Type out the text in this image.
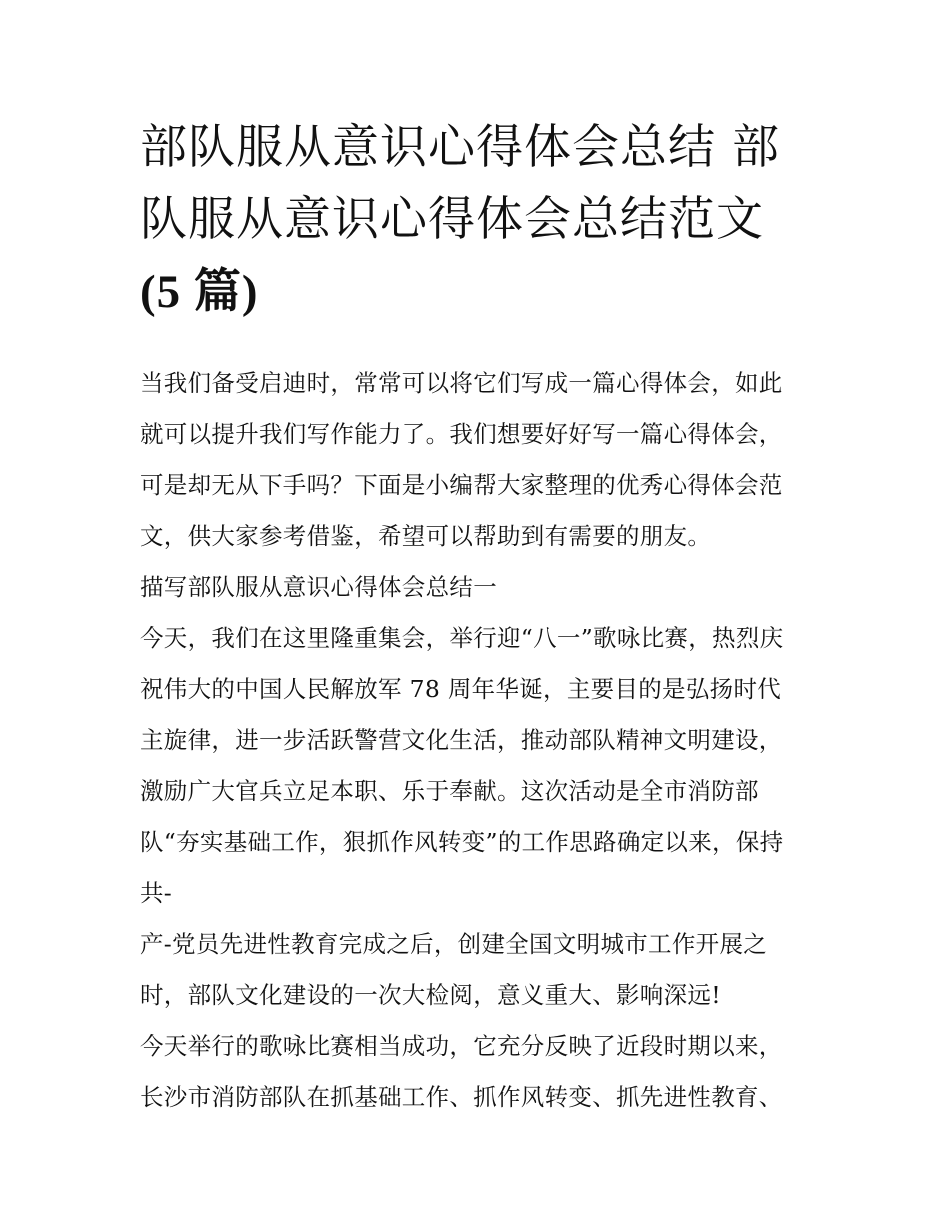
部队服从意识心得体会总结 部
队服从意识心得体会总结范文
(5 篇)
当我们备受启迪时，常常可以将它们写成一篇心得体会，如此
就可以提升我们写作能力了。我们想要好好写一篇心得体会，
可是却无从下手吗？下面是小编帮大家整理的优秀心得体会范
文，供大家参考借鉴，希望可以帮助到有需要的朋友。
描写部队服从意识心得体会总结一
今天，我们在这里隆重集会，举行迎“八一”歌咏比赛，热烈庆
祝伟大的中国人民解放军 78 周年华诞，主要目的是弘扬时代
主旋律，进一步活跃警营文化生活，推动部队精神文明建设，
激励广大官兵立足本职、乐于奉献。这次活动是全市消防部
队“夯实基础工作，狠抓作风转变”的工作思路确定以来，保持
共-
产-党员先进性教育完成之后，创建全国文明城市工作开展之
时，部队文化建设的一次大检阅，意义重大、影响深远!
今天举行的歌咏比赛相当成功，它充分反映了近段时期以来，
长沙市消防部队在抓基础工作、抓作风转变、抓先进性教育、
